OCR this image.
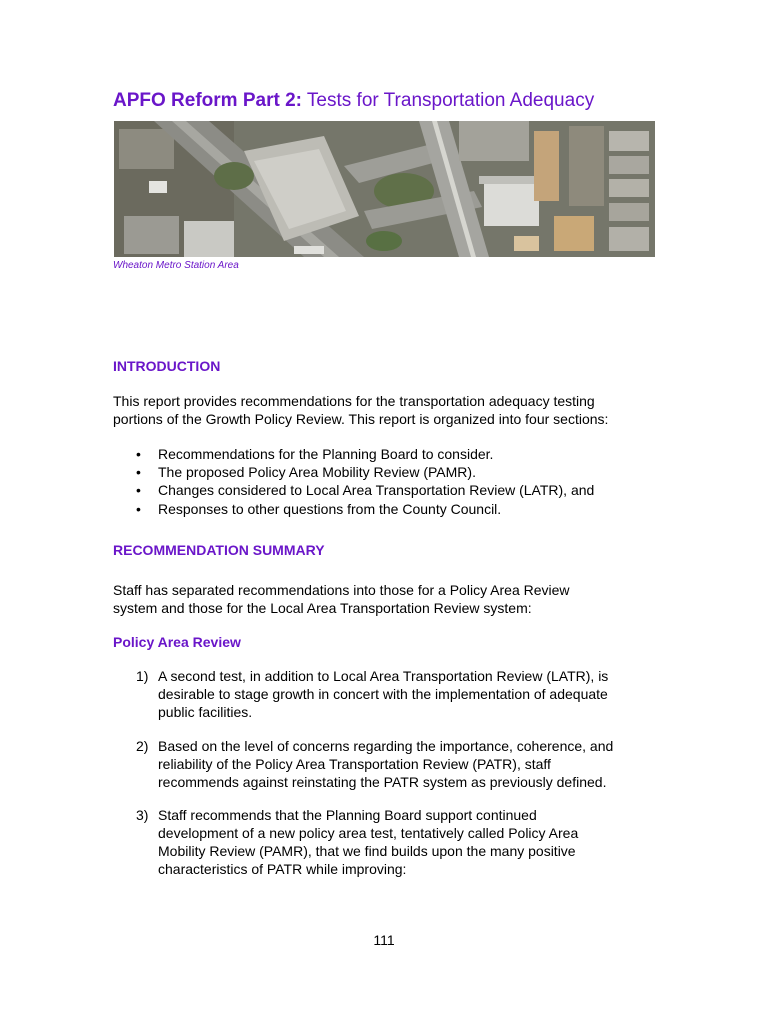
APFO Reform Part 2: Tests for Transportation Adequacy
Wheaton Metro Station Area
INTRODUCTION

This report provides recommendations for the transportation adequacy testing
portions of the Growth Policy Review. This report is organized into four sections:

• Recommendations for the Planning Board to consider.
• The proposed Policy Area Mobility Review (PAMR).
• Changes considered to Local Area Transportation Review (LATR), and
• Responses to other questions from the County Council.
RECOMMENDATION SUMMARY

Staff has separated recommendations into those for a Policy Area Review
system and those for the Local Area Transportation Review system:

Policy Area Review
1) A second test, in addition to Local Area Transportation Review (LATR), is
desirable to stage growth in concert with the implementation of adequate
public facilities.
2) Based on the level of concerns regarding the importance, coherence, and
reliability of the Policy Area Transportation Review (PATR), staff
recommends against reinstating the PATR system as previously defined.
3) Staff recommends that the Planning Board support continued
development of a new policy area test, tentatively called Policy Area
Mobility Review (PAMR), that we find builds upon the many positive
characteristics of PATR while improving:
111
